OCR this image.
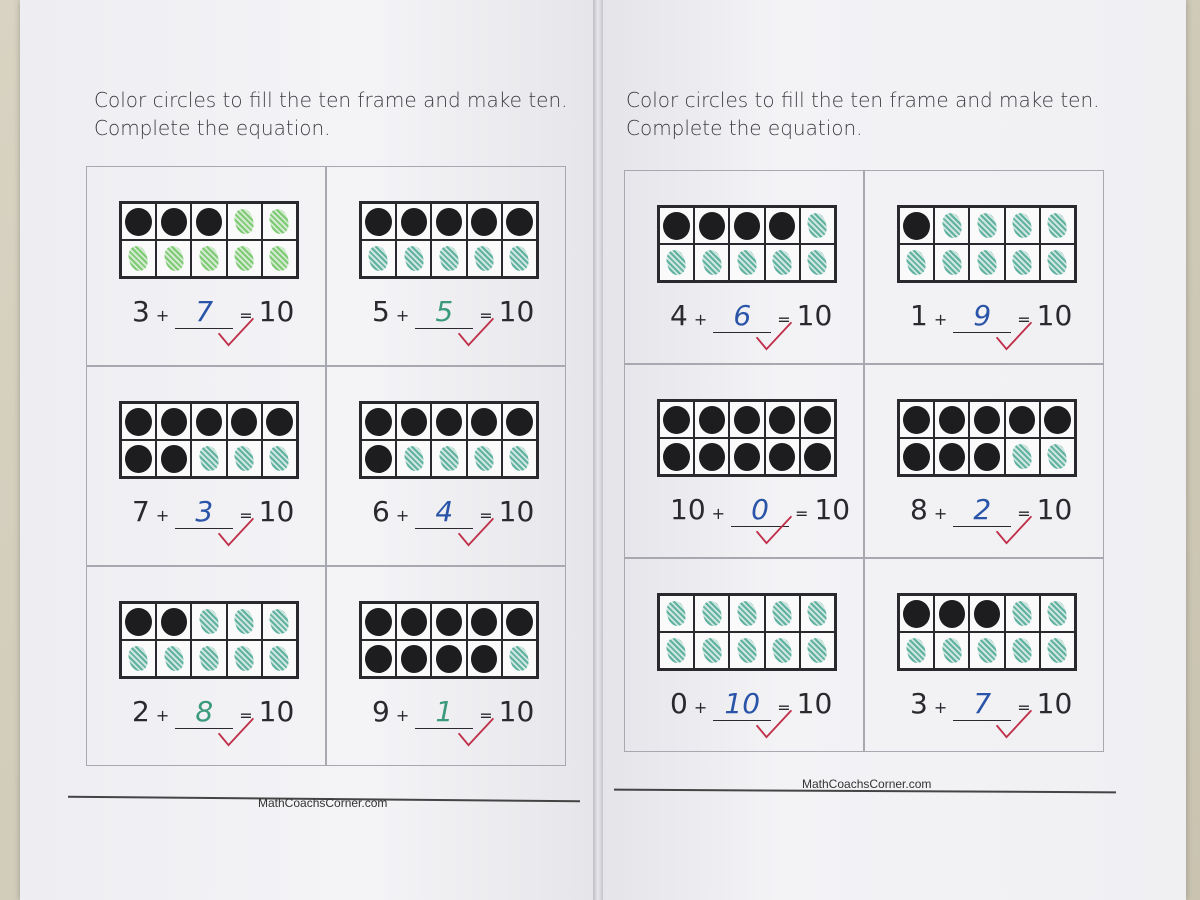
Color circles to fill the ten frame and make ten.
Complete the equation.

Color circles to fill the ten frame and make ten.
Complete the equation.

MathCoachsCorner.com
MathCoachsCorner.com
3 + 7	= 10	5 + 5	= 10
7 + 3	= 10	6 + 4	= 10
2 + 8	= 10	9 + 1	= 10
4 + 6	= 10	1 + 9	= 10
10 + 0	= 10 8 + 2	= 10
0 + 10	= 10	3 + 7	= 10
